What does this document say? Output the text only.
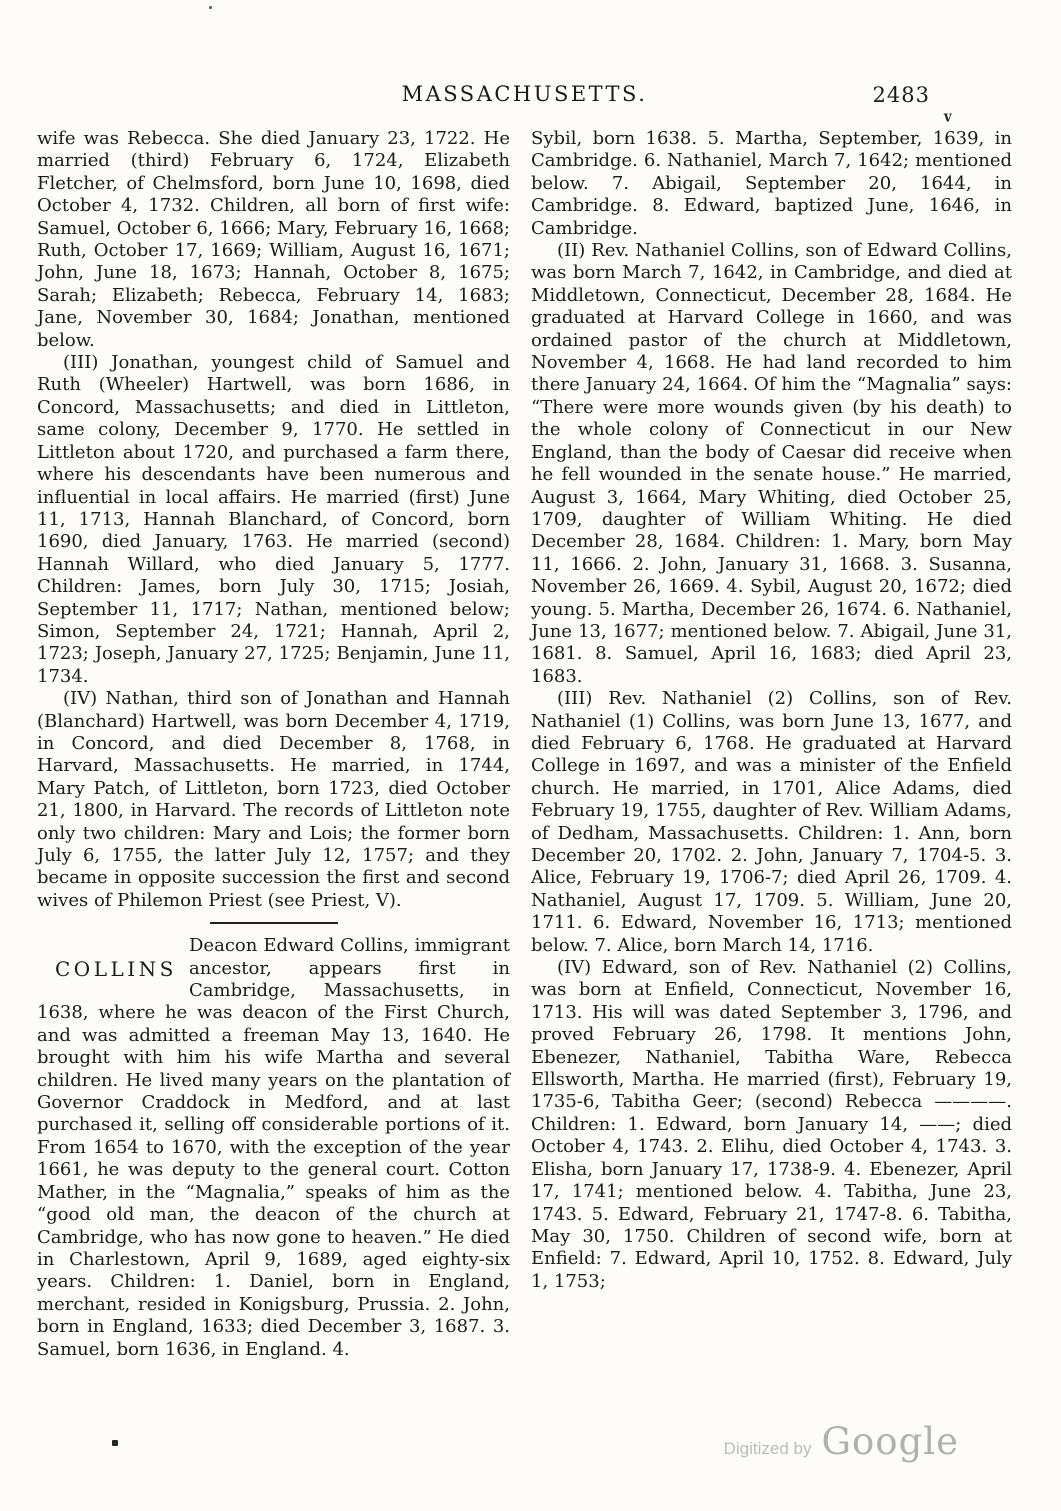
MASSACHUSETTS.	2483
v

wife was Rebecca. She died January 23, 1722. He married (third) February 6, 1724, Elizabeth Fletcher, of Chelmsford, born June 10, 1698, died October 4, 1732. Children, all born of first wife: Samuel, October 6, 1666; Mary, February 16, 1668; Ruth, October 17, 1669; William, August 16, 1671; John, June 18, 1673; Hannah, October 8, 1675; Sarah; Elizabeth; Rebecca, February 14, 1683; Jane, November 30, 1684; Jonathan, mentioned below.

(III) Jonathan, youngest child of Samuel and Ruth (Wheeler) Hartwell, was born 1686, in Concord, Massachusetts; and died in Littleton, same colony, December 9, 1770. He settled in Littleton about 1720, and purchased a farm there, where his descendants have been numerous and influential in local affairs. He married (first) June 11, 1713, Hannah Blanchard, of Concord, born 1690, died January, 1763. He married (second) Hannah Willard, who died January 5, 1777. Children: James, born July 30, 1715; Josiah, September 11, 1717; Nathan, mentioned below; Simon, September 24, 1721; Hannah, April 2, 1723; Joseph, January 27, 1725; Benjamin, June 11, 1734.

(IV) Nathan, third son of Jonathan and Hannah (Blanchard) Hartwell, was born December 4, 1719, in Concord, and died December 8, 1768, in Harvard, Massachusetts. He married, in 1744, Mary Patch, of Littleton, born 1723, died October 21, 1800, in Harvard. The records of Littleton note only two children: Mary and Lois; the former born July 6, 1755, the latter July 12, 1757; and they became in opposite succession the first and second wives of Philemon Priest (see Priest, V).

COLLINS

Deacon Edward Collins, immigrant ancestor, appears first in Cambridge, Massachusetts, in 1638, where he was deacon of the First Church, and was admitted a freeman May 13, 1640. He brought with him his wife Martha and several children. He lived many years on the plantation of Governor Craddock in Medford, and at last purchased it, selling off considerable portions of it. From 1654 to 1670, with the exception of the year 1661, he was deputy to the general court. Cotton Mather, in the “Magnalia,” speaks of him as the “good old man, the deacon of the church at Cambridge, who has now gone to heaven.” He died in Charlestown, April 9, 1689, aged eighty-six years. Children: 1. Daniel, born in England, merchant, resided in Konigsburg, Prussia. 2. John, born in England, 1633; died December 3, 1687. 3. Samuel, born 1636, in England. 4.

Sybil, born 1638. 5. Martha, September, 1639, in Cambridge. 6. Nathaniel, March 7, 1642; mentioned below. 7. Abigail, September 20, 1644, in Cambridge. 8. Edward, baptized June, 1646, in Cambridge.

(II) Rev. Nathaniel Collins, son of Edward Collins, was born March 7, 1642, in Cambridge, and died at Middletown, Connecticut, December 28, 1684. He graduated at Harvard College in 1660, and was ordained pastor of the church at Middletown, November 4, 1668. He had land recorded to him there January 24, 1664. Of him the “Magnalia” says: “There were more wounds given (by his death) to the whole colony of Connecticut in our New England, than the body of Caesar did receive when he fell wounded in the senate house.” He married, August 3, 1664, Mary Whiting, died October 25, 1709, daughter of William Whiting. He died December 28, 1684. Children: 1. Mary, born May 11, 1666. 2. John, January 31, 1668. 3. Susanna, November 26, 1669. 4. Sybil, August 20, 1672; died young. 5. Martha, December 26, 1674. 6. Nathaniel, June 13, 1677; mentioned below. 7. Abigail, June 31, 1681. 8. Samuel, April 16, 1683; died April 23, 1683.

(III) Rev. Nathaniel (2) Collins, son of Rev. Nathaniel (1) Collins, was born June 13, 1677, and died February 6, 1768. He graduated at Harvard College in 1697, and was a minister of the Enfield church. He married, in 1701, Alice Adams, died February 19, 1755, daughter of Rev. William Adams, of Dedham, Massachusetts. Children: 1. Ann, born December 20, 1702. 2. John, January 7, 1704-5. 3. Alice, February 19, 1706-7; died April 26, 1709. 4. Nathaniel, August 17, 1709. 5. William, June 20, 1711. 6. Edward, November 16, 1713; mentioned below. 7. Alice, born March 14, 1716.

(IV) Edward, son of Rev. Nathaniel (2) Collins, was born at Enfield, Connecticut, November 16, 1713. His will was dated September 3, 1796, and proved February 26, 1798. It mentions John, Ebenezer, Nathaniel, Tabitha Ware, Rebecca Ellsworth, Martha. He married (first), February 19, 1735-6, Tabitha Geer; (second) Rebecca ————. Children: 1. Edward, born January 14, ——; died October 4, 1743. 2. Elihu, died October 4, 1743. 3. Elisha, born January 17, 1738-9. 4. Ebenezer, April 17, 1741; mentioned below. 4. Tabitha, June 23, 1743. 5. Edward, February 21, 1747-8. 6. Tabitha, May 30, 1750. Children of second wife, born at Enfield: 7. Edward, April 10, 1752. 8. Edward, July 1, 1753;

Digitized by Google
